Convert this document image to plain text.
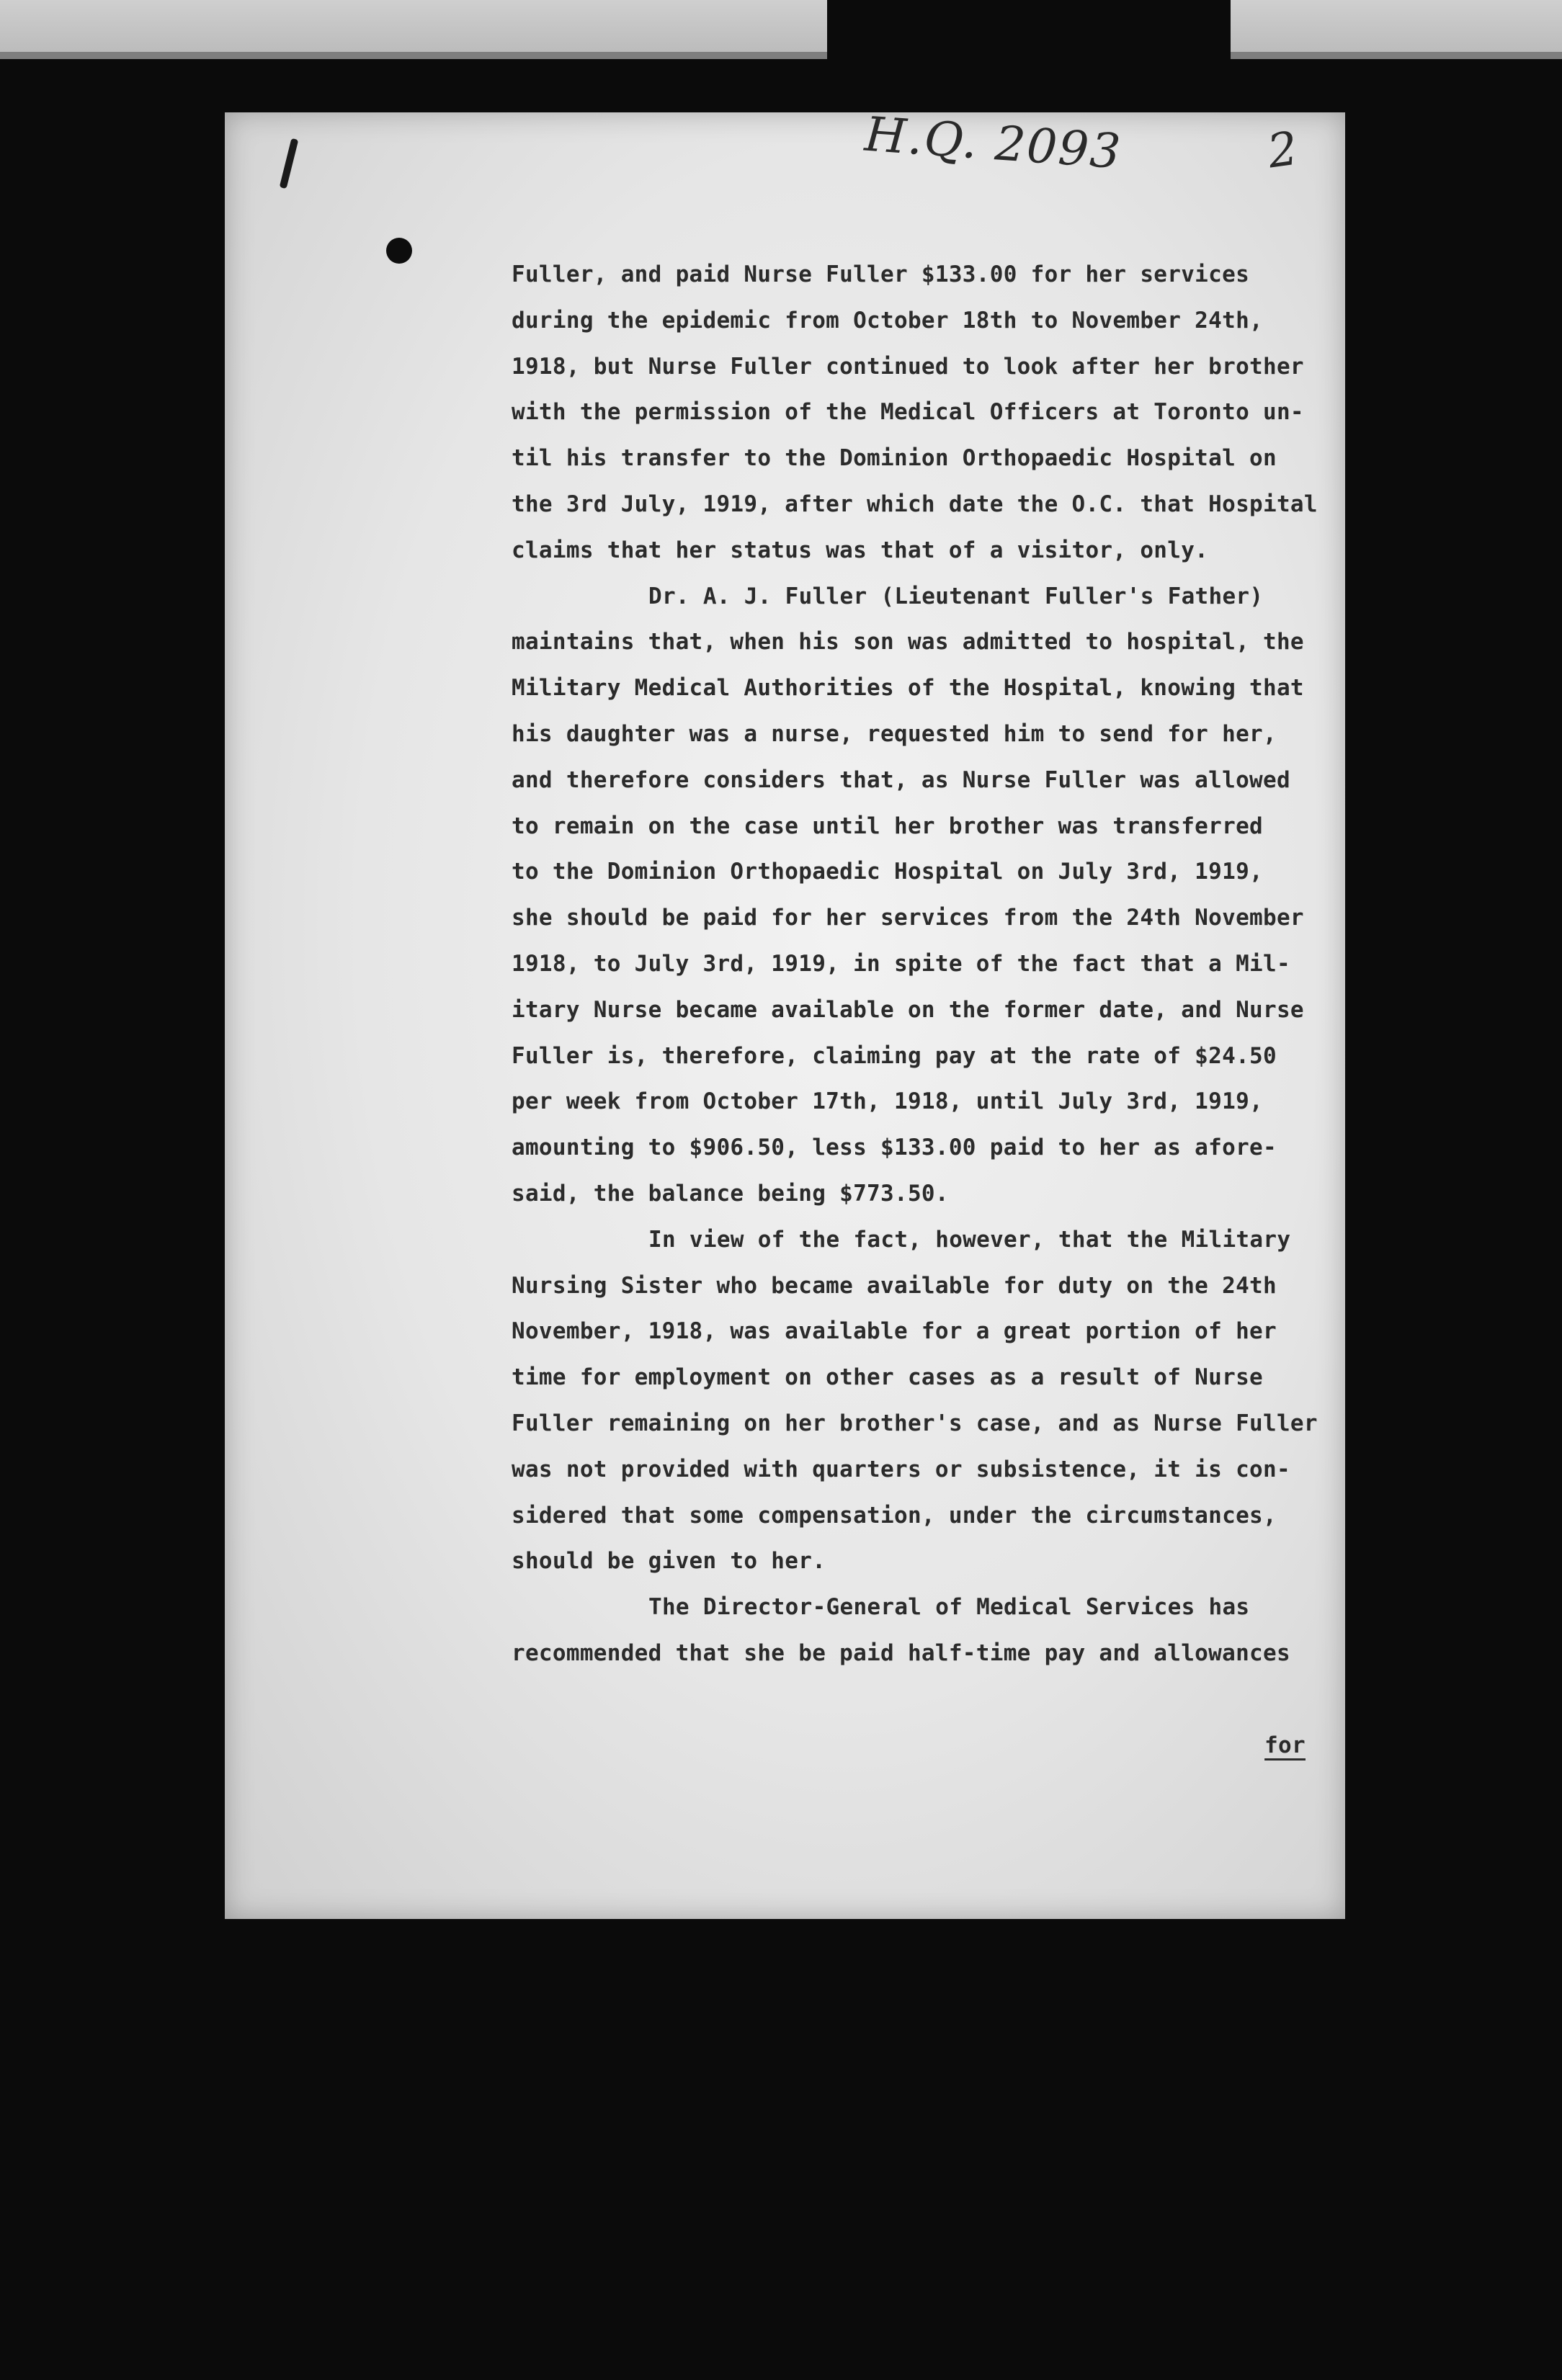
H.Q. 2093	2
Fuller, and paid Nurse Fuller $133.00 for her services
during the epidemic from October 18th to November 24th,
1918, but Nurse Fuller continued to look after her brother
with the permission of the Medical Officers at Toronto un-
til his transfer to the Dominion Orthopaedic Hospital on
the 3rd July, 1919, after which date the O.C. that Hospital
claims that her status was that of a visitor, only.
Dr. A. J. Fuller (Lieutenant Fuller's Father)
maintains that, when his son was admitted to hospital, the
Military Medical Authorities of the Hospital, knowing that
his daughter was a nurse, requested him to send for her,
and therefore considers that, as Nurse Fuller was allowed
to remain on the case until her brother was transferred
to the Dominion Orthopaedic Hospital on July 3rd, 1919,
she should be paid for her services from the 24th November
1918, to July 3rd, 1919, in spite of the fact that a Mil-
itary Nurse became available on the former date, and Nurse
Fuller is, therefore, claiming pay at the rate of $24.50
per week from October 17th, 1918, until July 3rd, 1919,
amounting to $906.50, less $133.00 paid to her as afore-
said, the balance being $773.50.
In view of the fact, however, that the Military
Nursing Sister who became available for duty on the 24th
November, 1918, was available for a great portion of her
time for employment on other cases as a result of Nurse
Fuller remaining on her brother's case, and as Nurse Fuller
was not provided with quarters or subsistence, it is con-
sidered that some compensation, under the circumstances,
should be given to her.
The Director-General of Medical Services has
recommended that she be paid half-time pay and allowances

for
